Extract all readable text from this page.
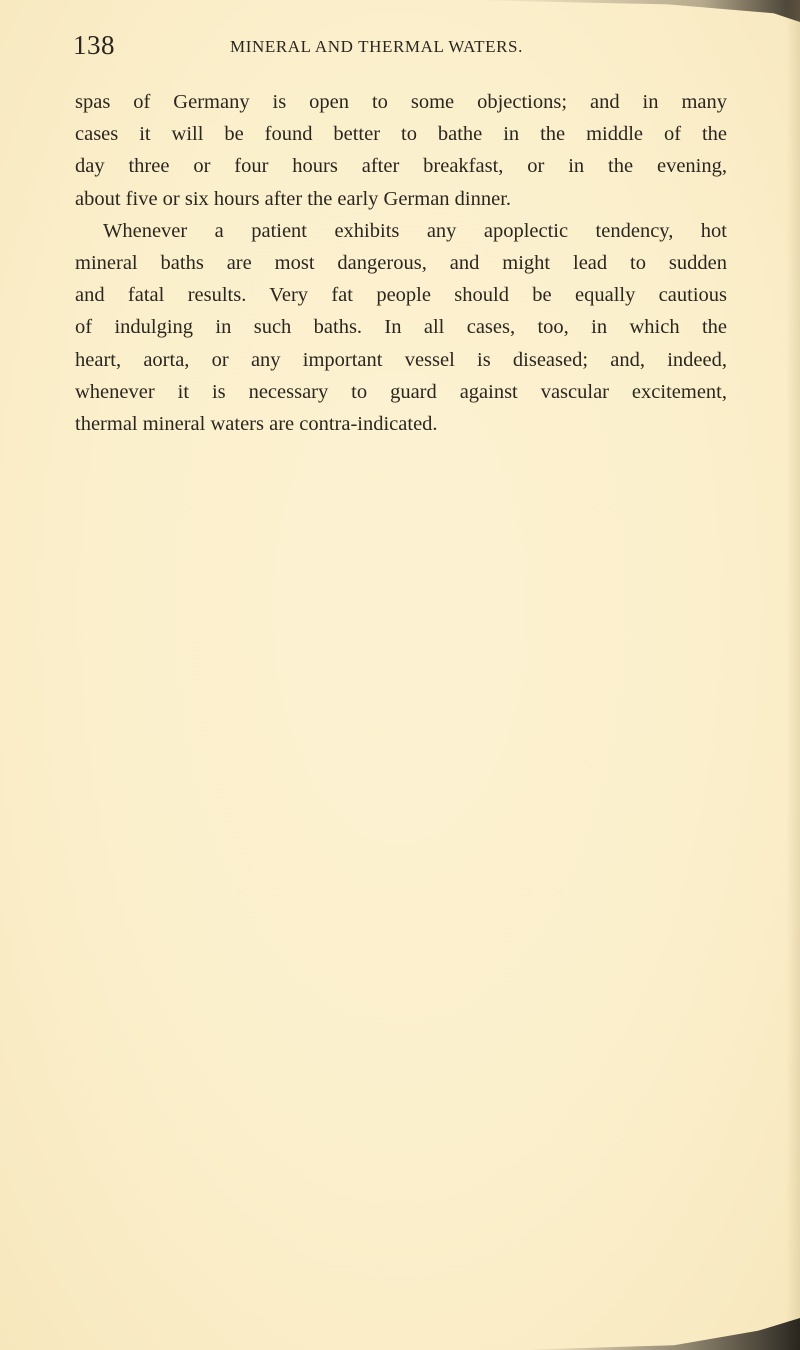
138	MINERAL AND THERMAL WATERS.
spas of Germany is open to some objections; and in many
cases it will be found better to bathe in the middle of the
day three or four hours after breakfast, or in the evening,
about five or six hours after the early German dinner.
Whenever a patient exhibits any apoplectic tendency, hot
mineral baths are most dangerous, and might lead to sudden
and fatal results. Very fat people should be equally cautious
of indulging in such baths. In all cases, too, in which the
heart, aorta, or any important vessel is diseased; and, indeed,
whenever it is necessary to guard against vascular excitement,
thermal mineral waters are contra-indicated.
